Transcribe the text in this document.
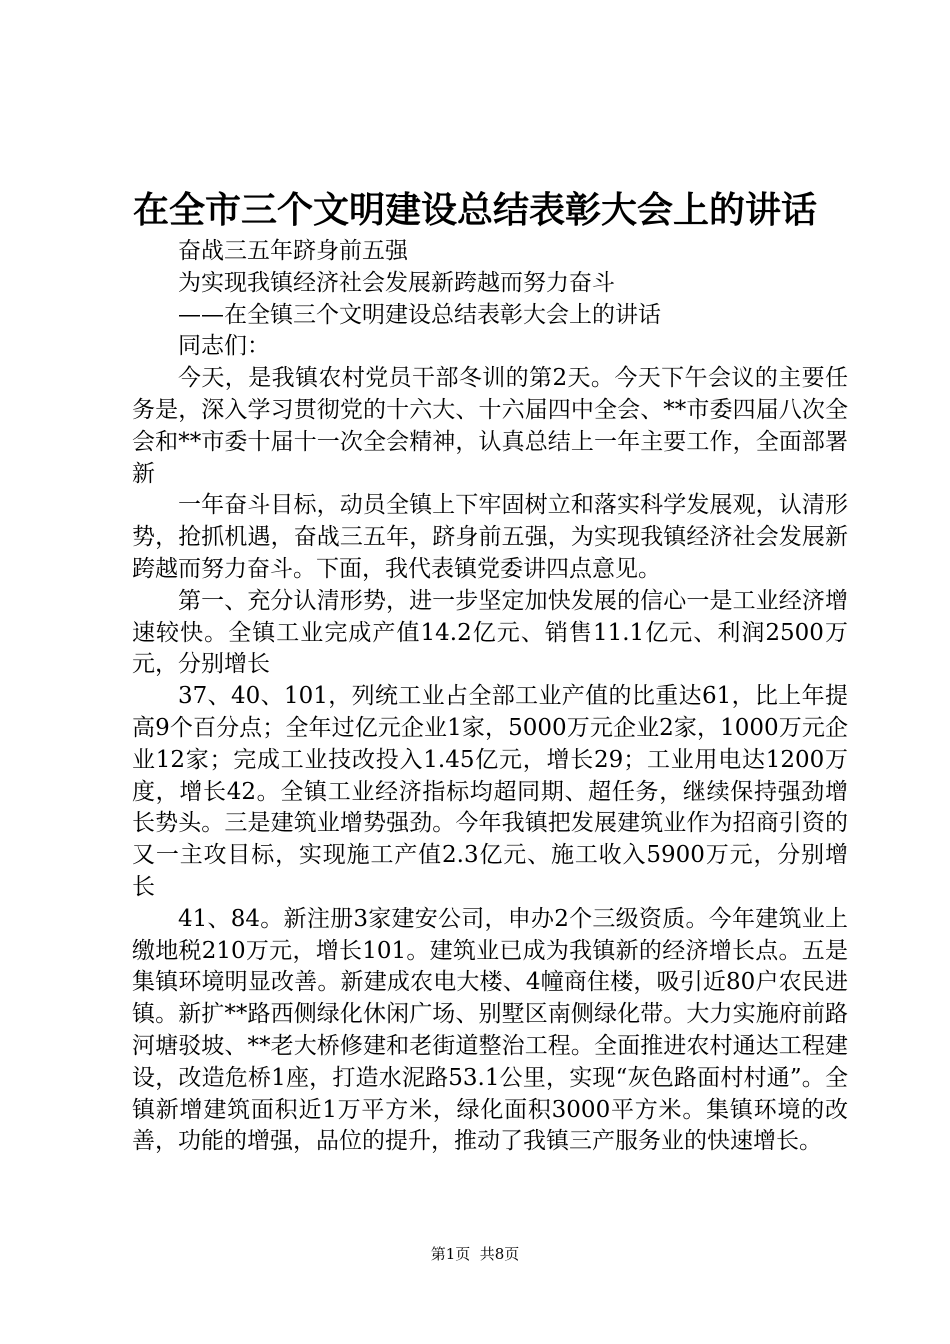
在全市三个文明建设总结表彰大会上的讲话

奋战三五年跻身前五强

为实现我镇经济社会发展新跨越而努力奋斗

——在全镇三个文明建设总结表彰大会上的讲话

同志们：

今天，是我镇农村党员干部冬训的第2天。今天下午会议的主要任务是，深入学习贯彻党的十六大、十六届四中全会、**市委四届八次全会和**市委十届十一次全会精神，认真总结上一年主要工作，全面部署新

一年奋斗目标，动员全镇上下牢固树立和落实科学发展观，认清形势，抢抓机遇，奋战三五年，跻身前五强，为实现我镇经济社会发展新跨越而努力奋斗。下面，我代表镇党委讲四点意见。

第一、充分认清形势，进一步坚定加快发展的信心一是工业经济增速较快。全镇工业完成产值14.2亿元、销售11.1亿元、利润2500万元，分别增长

37、40、101，列统工业占全部工业产值的比重达61，比上年提高9个百分点；全年过亿元企业1家，5000万元企业2家，1000万元企业12家；完成工业技改投入1.45亿元，增长29；工业用电达1200万度，增长42。全镇工业经济指标均超同期、超任务，继续保持强劲增长势头。三是建筑业增势强劲。今年我镇把发展建筑业作为招商引资的又一主攻目标，实现施工产值2.3亿元、施工收入5900万元，分别增长

41、84。新注册3家建安公司，申办2个三级资质。今年建筑业上缴地税210万元，增长101。建筑业已成为我镇新的经济增长点。五是集镇环境明显改善。新建成农电大楼、4幢商住楼，吸引近80户农民进镇。新扩**路西侧绿化休闲广场、别墅区南侧绿化带。大力实施府前路河塘驳坡、**老大桥修建和老街道整治工程。全面推进农村通达工程建设，改造危桥1座，打造水泥路53.1公里，实现“灰色路面村村通”。全镇新增建筑面积近1万平方米，绿化面积3000平方米。集镇环境的改善，功能的增强，品位的提升，推动了我镇三产服务业的快速增长。

第1页  共8页
